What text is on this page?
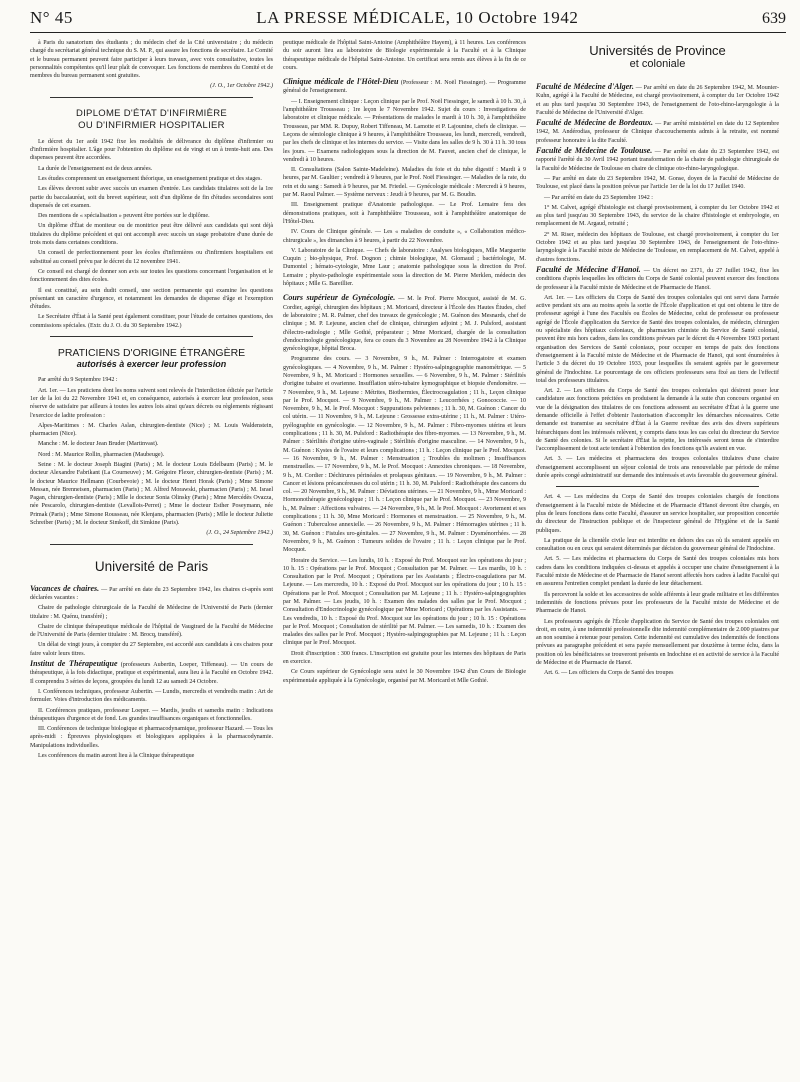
N° 45	LA PRESSE MÉDICALE, 10 Octobre 1942	639

à Paris du sanatorium des étudiants ; du médecin chef de la Cité universitaire ; du médecin chargé du secrétariat général technique du S. M. P., qui assure les fonctions de secrétaire. Le Comité et le bureau permanent peuvent faire participer à leurs travaux, avec voix consultative, toutes les personnalités compétentes qu'il leur plaît de convoquer. Les fonctions de membres du Comité et de membres du bureau permanent sont gratuites.

(J. O., 1er Octobre 1942.)

DIPLOME D'ÉTAT D'INFIRMIÈRE
OU D'INFIRMIER HOSPITALIER

Le décret du 1er août 1942 fixe les modalités de délivrance du diplôme d'infirmier ou d'infirmière hospitalier. L'âge pour l'obtention du diplôme est de vingt et un à trente-huit ans. Des dispenses peuvent être accordées.

La durée de l'enseignement est de deux années.

Les études comprennent un enseignement théorique, un enseignement pratique et des stages.

Les élèves devront subir avec succès un examen d'entrée. Les candidats titulaires soit de la 1re partie du baccalauréat, soit du brevet supérieur, soit d'un diplôme de fin d'études secondaires sont dispensés de cet examen.

Des mentions de « spécialisation » peuvent être portées sur le diplôme.

Un diplôme d'État de moniteur ou de monitrice peut être délivré aux candidats qui sont déjà titulaires du diplôme précédent et qui ont accompli avec succès un stage probatoire d'une durée de trois mois dans certaines conditions.

Un conseil de perfectionnement pour les écoles d'infirmières ou d'infirmiers hospitaliers est substitué au conseil prévu par le décret du 12 novembre 1941.

Ce conseil est chargé de donner son avis sur toutes les questions concernant l'organisation et le fonctionnement des dites écoles.

Il est constitué, au sein dudit conseil, une section permanente qui examine les questions présentant un caractère d'urgence, et notamment les demandes de dispense d'âge et l'exemption d'études.

Le Secrétaire d'État à la Santé peut également constituer, pour l'étude de certaines questions, des commissions spéciales. (Extr. du J. O. du 30 Septembre 1942.)

PRATICIENS D'ORIGINE ÉTRANGÈRE
autorisés à exercer leur profession

Par arrêté du 9 Septembre 1942 :

Art. 1er. — Les praticiens dont les noms suivent sont relevés de l'interdiction édictée par l'article 1er de la loi du 22 Novembre 1941 et, en conséquence, autorisés à exercer leur profession, sous réserve de satisfaire par ailleurs à toutes les autres lois ainsi qu'aux décrets ou règlements régissant l'exercice de ladite profession :

Alpes-Maritimes : M. Charles Aslan, chirurgien-dentiste (Nice) ; M. Louis Waldenstein, pharmacien (Nice).

Manche : M. le docteur Jean Bruder (Martinvast).

Nord : M. Maurice Rollin, pharmacien (Maubeuge).

Seine : M. le docteur Joseph Biagini (Paris) ; M. le docteur Louis Edelbaum (Paris) ; M. le docteur Alexandre Fabrikant (La Courneuve) ; M. Grégoire Flexer, chirurgien-dentiste (Paris) ; M. le docteur Maurice Hellmann (Courbevoie) ; M. le docteur Henri Horak (Paris) ; Mme Simone Messan, née Brenneisen, pharmacien (Paris) ; M. Alfred Morawski, pharmacien (Paris) ; M. Israel Pagan, chirurgien-dentiste (Paris) ; Mlle le docteur Sonia Olinsky (Paris) ; Mme Mercédès Ovazza, née Pescarolo, chirurgien-dentiste (Levallois-Perret) ; Mme le docteur Esther Poseymann, née Primak (Paris) ; Mme Simone Rousseau, née Klenjans, pharmacien (Paris) ; Mlle le docteur Juliette Schreiber (Paris) ; M. le docteur Simkoff, dit Simkine (Paris).

(J. O., 24 Septembre 1942.)

Université de Paris

Vacances de chaires. — Par arrêté en date du 23 Septembre 1942, les chaires ci-après sont déclarées vacantes :

Chaire de pathologie chirurgicale de la Faculté de Médecine de l'Université de Paris (dernier titulaire : M. Quénu, transféré) ;

Chaire de clinique thérapeutique médicale de l'hôpital de Vaugirard de la Faculté de Médecine de l'Université de Paris (dernier titulaire : M. Brocq, transféré).

Un délai de vingt jours, à compter du 27 Septembre, est accordé aux candidats à ces chaires pour faire valoir leurs titres.

Institut de Thérapeutique (professeurs Aubertin, Loeper, Tiffeneau). — Un cours de thérapeutique, à la fois didactique, pratique et expérimental, aura lieu à la Faculté en Octobre 1942. Il comprendra 3 séries de leçons, groupées du lundi 12 au samedi 24 Octobre.

I. Conférences techniques, professeur Aubertin. — Lundis, mercredis et vendredis matin : Art de formuler. Voies d'introduction des médicaments.

II. Conférences pratiques, professeur Loeper. — Mardis, jeudis et samedis matin : Indications thérapeutiques d'urgence et de fond. Les grandes insuffisances organiques et fonctionnelles.

III. Conférences de technique biologique et pharmacodynamique, professeur Hazard. — Tous les après-midi : Épreuves physiologiques et biologiques appliquées à la pharmacodynamie. Manipulations individuelles.

Les conférences du matin auront lieu à la Clinique thérapeutique

peutique médicale de l'hôpital Saint-Antoine (Amphithéâtre Hayem), à 11 heures. Les conférences du soir auront lieu au laboratoire de Biologie expérimentale à la Faculté et à la Clinique thérapeutique médicale de l'hôpital Saint-Antoine. Un certificat sera remis aux élèves à la fin de ce cours.

Clinique médicale de l'Hôtel-Dieu (Professeur : M. Noël Fiessinger). — Programme général de l'enseignement.

— I. Enseignement clinique : Leçon clinique par le Prof. Noël Fiessinger, le samedi à 10 h. 30, à l'amphithéâtre Trousseau ; 1re leçon le 7 Novembre 1942. Sujet du cours : Investigations de laboratoire et clinique médicale. — Présentations de malades le mardi à 10 h. 30, à l'amphithéâtre Trousseau, par MM. R. Dupuy, Robert Tiffeneau, M. Lamotte et P. Lajounine, chefs de clinique. — Leçons de sémiologie clinique à 9 heures, à l'amphithéâtre Trousseau, les lundi, mercredi, vendredi, par les chefs de clinique et les internes du service. — Visite dans les salles de 9 h. 30 à 11 h. 30 tous les jours. — Examens radiologiques sous la direction de M. Fauvet, ancien chef de clinique, le vendredi à 10 heures.

II. Consultations (Salon Sainte-Madeleine). Maladies du foie et du tube digestif : Mardi à 9 heures, par M. Gaultier ; vendredi à 9 heures, par le Prof. Noël Fiessinger. — Maladies de la rate, du rein et du sang : Samedi à 9 heures, par M. Friedel. — Gynécologie médicale : Mercredi à 9 heures, par M. Raoul Palmer. — Système nerveux : Jeudi à 9 heures, par M. G. Boudin.

III. Enseignement pratique d'Anatomie pathologique. — Le Prof. Lemaire fera des démonstrations pratiques, soit à l'amphithéâtre Trousseau, soit à l'amphithéâtre anatomique de l'Hôtel-Dieu.

IV. Cours de Clinique générale. — Les « maladies de conduite », « Collaboration médico-chirurgicale », les dimanches à 9 heures, à partir du 22 Novembre.

V. Laboratoire de la Clinique. — Chefs de laboratoire : Analyses biologiques, Mlle Marguerite Cuquin ; bio-physique, Prof. Dognon ; chimie biologique, M. Glomaud ; bactériologie, M. Dumontel ; hémato-cytologie, Mme Laur ; anatomie pathologique sous la direction du Prof. Lemaire ; physio-pathologie expérimentale sous la direction de M. Pierre Merklen, médecin des hôpitaux ; Mlle G. Bareillier.

Cours supérieur de Gynécologie. — M. le Prof. Pierre Mocquot, assisté de M. G. Cordier, agrégé, chirurgien des hôpitaux ; M. Moricard, directeur à l'École des Hautes Études, chef de laboratoire ; M. R. Palmer, chef des travaux de gynécologie ; M. Guénon des Mesnards, chef de clinique ; M. P. Lejeune, ancien chef de clinique, chirurgien adjoint ; M. J. Pulsford, assistant d'électro-radiologie ; Mlle Gothié, préparateur ; Mme Moricard, chargée de la consultation d'endocrinologie gynécologique, fera ce cours du 3 Novembre au 28 Novembre 1942 à la Clinique gynécologique, hôpital Broca.

Programme des cours. — 3 Novembre, 9 h., M. Palmer : Interrogatoire et examen gynécologiques. — 4 Novembre, 9 h., M. Palmer : Hystéro-salpingographie manométrique. — 5 Novembre, 9 h., M. Moricard : Hormones sexuelles. — 6 Novembre, 9 h., M. Palmer : Stérilités d'origine tubaire et ovarienne. Insufflation utéro-tubaire kymographique et biopsie d'endomètre. — 7 Novembre, 9 h., M. Lejeune : Métrites, Biothermies, Électrocoagulation ; 11 h., Leçon clinique par le Prof. Mocquot. — 9 Novembre, 9 h., M. Palmer : Leucorrhées ; Gonococcie. — 10 Novembre, 9 h., M. le Prof. Mocquot : Suppurations pelviennes ; 11 h. 30, M. Guénon : Cancer du col utérin. — 11 Novembre, 9 h., M. Lejeune : Grossesse extra-utérine ; 11 h., M. Palmer : Utéro-pyélographie en gynécologie. — 12 Novembre, 9 h., M. Palmer : Fibro-myomes utérins et leurs complications ; 11 h. 30, M. Pulsford : Radiothérapie des fibro-myomes. — 13 Novembre, 9 h., M. Palmer : Stérilités d'origine utéro-vaginale ; Stérilités d'origine masculine. — 14 Novembre, 9 h., M. Guénon : Kystes de l'ovaire et leurs complications ; 11 h. : Leçon clinique par le Prof. Mocquot. — 16 Novembre, 9 h., M. Palmer : Menstruation ; Troubles du molimen ; Insuffisances menstruelles. — 17 Novembre, 9 h., M. le Prof. Mocquot : Annexites chroniques. — 18 Novembre, 9 h., M. Cordier : Déchirures périnéales et prolapsus génitaux. — 19 Novembre, 9 h., M. Palmer : Cancer et lésions précancéreuses du col utérin ; 11 h. 30, M. Pulsford : Radiothérapie des cancers du col. — 20 Novembre, 9 h., M. Palmer : Déviations utérines. — 21 Novembre, 9 h., Mme Moricard : Hormonothérapie gynécologique ; 11 h. : Leçon clinique par le Prof. Mocquot. — 23 Novembre, 9 h., M. Palmer : Affections vulvaires. — 24 Novembre, 9 h., M. le Prof. Mocquot : Avortement et ses complications ; 11 h. 30, Mme Moricard : Hormones et menstruation. — 25 Novembre, 9 h., M. Guénon : Tuberculose annexielle. — 26 Novembre, 9 h., M. Palmer : Hémorragies utérines ; 11 h. 30, M. Guénon : Fistules uro-génitales. — 27 Novembre, 9 h., M. Palmer : Dysménorrhées. — 28 Novembre, 9 h., M. Guénon : Tumeurs solides de l'ovaire ; 11 h. : Leçon clinique par le Prof. Mocquot.

Horaire du Service. — Les lundis, 10 h. : Exposé du Prof. Mocquot sur les opérations du jour ; 10 h. 15 : Opérations par le Prof. Mocquot ; Consultation par M. Palmer. — Les mardis, 10 h. : Consultation par le Prof. Mocquot ; Opérations par les Assistants ; Électro-coagulations par M. Lejeune. — Les mercredis, 10 h. : Exposé du Prof. Mocquot sur les opérations du jour ; 10 h. 15 : Opérations par le Prof. Mocquot ; Consultation par M. Lejeune ; 11 h. : Hystéro-salpingographies par M. Palmer. — Les jeudis, 10 h. : Examen des malades des salles par le Prof. Mocquot ; Consultation d'Endocrinologie gynécologique par Mme Moricard ; Opérations par les Assistants. — Les vendredis, 10 h. : Exposé du Prof. Mocquot sur les opérations du jour ; 10 h. 15 : Opérations par le Prof. Mocquot ; Consultation de stérilité par M. Palmer. — Les samedis, 10 h. : Examen des malades des salles par le Prof. Mocquot ; Hystéro-salpingographies par M. Lejeune ; 11 h. : Leçon clinique par le Prof. Mocquot.

Droit d'inscription : 300 francs. L'inscription est gratuite pour les internes des hôpitaux de Paris en exercice.

Ce Cours supérieur de Gynécologie sera suivi le 30 Novembre 1942 d'un Cours de Biologie expérimentale appliquée à la Gynécologie, organisé par M. Moricard et Mlle Gothié.

Universités de Province
et coloniale

Faculté de Médecine d'Alger. — Par arrêté en date du 26 Septembre 1942, M. Mounier-Kuhn, agrégé à la Faculté de Médecine, est chargé provisoirement, à compter du 1er Octobre 1942 et au plus tard jusqu'au 30 Septembre 1943, de l'enseignement de l'oto-rhino-laryngologie à la Faculté de Médecine de l'Université d'Alger.

Faculté de Médecine de Bordeaux. — Par arrêté ministériel en date du 12 Septembre 1942, M. Andérodias, professeur de Clinique d'accouchements admis à la retraite, est nommé professeur honoraire à la dite Faculté.

Faculté de Médecine de Toulouse. — Par arrêté en date du 23 Septembre 1942, est rapporté l'arrêté du 30 Avril 1942 portant transformation de la chaire de pathologie chirurgicale de la Faculté de Médecine de Toulouse en chaire de clinique oto-rhino-laryngologique.

— Par arrêté en date du 23 Septembre 1942, M. Gonse, doyen de la Faculté de Médecine de Toulouse, est placé dans la position prévue par l'article 1er de la loi du 17 Juillet 1940.

— Par arrêté en date du 23 Septembre 1942 :

1° M. Calvet, agrégé d'histologie est chargé provisoirement, à compter du 1er Octobre 1942 et au plus tard jusqu'au 30 Septembre 1943, du service de la chaire d'histologie et embryologie, en remplacement de M. Argaud, retraité ;

2° M. Riser, médecin des hôpitaux de Toulouse, est chargé provisoirement, à compter du 1er Octobre 1942 et au plus tard jusqu'au 30 Septembre 1943, de l'enseignement de l'oto-rhino-laryngologie à la Faculté mixte de Médecine de Toulouse, en remplacement de M. Calvet, appelé à d'autres fonctions.

Faculté de Médecine d'Hanoï. — Un décret no 2371, du 27 Juillet 1942, fixe les conditions d'après lesquelles les officiers du Corps de Santé colonial peuvent exercer des fonctions de professeur à la Faculté mixte de Médecine et de Pharmacie de Hanoï.

Art. 1er. — Les officiers du Corps de Santé des troupes coloniales qui ont servi dans l'armée active pendant six ans au moins après la sortie de l'École d'application et qui ont obtenu le titre de professeur agrégé à l'une des Facultés ou Écoles de Médecine, celui de professeur ou professeur agrégé de l'École d'application du Service de Santé des troupes coloniales, de médecin, chirurgien ou spécialiste des hôpitaux coloniaux, de pharmacien chimiste du Service de Santé colonial, peuvent être mis hors cadres, dans les conditions prévues par le décret du 4 Novembre 1903 portant organisation des Services de Santé coloniaux, pour occuper en temps de paix des fonctions d'enseignement à la Faculté mixte de Médecine et de Pharmacie de Hanoï, qui sont énumérées à l'article 3 du décret du 19 Octobre 1933, pour lesquelles ils seraient agréés par le gouverneur général de l'Indochine. Le pourcentage de ces officiers professeurs sera fixé au tiers de l'effectif total des professeurs titulaires.

Art. 2. — Les officiers du Corps de Santé des troupes coloniales qui désirent poser leur candidature aux fonctions précitées en produisent la demande à la suite d'un concours organisé en vue de la désignation des titulaires de ces fonctions adressent au secrétaire d'État à la guerre une demande officielle à l'effet d'obtenir l'autorisation d'accomplir les démarches nécessaires. Cette demande est transmise au secrétaire d'État à la Guerre revêtue des avis des divers supérieurs hiérarchiques dont les intéressés relèvent, y compris dans tous les cas celui du directeur du Service de Santé des colonies. Si le secrétaire d'État la rejette, les intéressés seront tenus de s'interdire l'accomplissement de tout acte tendant à l'obtention des fonctions qu'ils avaient en vue.

Art. 3. — Les médecins et pharmaciens des troupes coloniales titulaires d'une chaire d'enseignement accomplissent un séjour colonial de trois ans renouvelable par période de même durée après congé administratif sur demande des intéressés et avis favorable du gouverneur général.

Art. 4. — Les médecins du Corps de Santé des troupes coloniales chargés de fonctions d'enseignement à la Faculté mixte de Médecine et de Pharmacie d'Hanoï devront être chargés, en plus de leurs fonctions dans cette Faculté, d'assurer un service hospitalier, sur proposition concertée du directeur de l'Instruction publique et de l'inspecteur général de l'Hygiène et de la Santé publiques.

La pratique de la clientèle civile leur est interdite en dehors des cas où ils seraient appelés en consultation ou en ceux qui seraient déterminés par décision du gouverneur général de l'Indochine.

Art. 5. — Les médecins et pharmaciens du Corps de Santé des troupes coloniales mis hors cadres dans les conditions indiquées ci-dessus et appelés à occuper une chaire d'enseignement à la Faculté mixte de Médecine et de Pharmacie de Hanoï seront affectés hors cadres à ladite Faculté qui en assurera l'entretien complet pendant la durée de leur détachement.

Ils percevront la solde et les accessoires de solde afférents à leur grade militaire et les différentes indemnités de fonctions prévues pour les professeurs de la Faculté mixte de Médecine et de Pharmacie de Hanoï.

Les professeurs agrégés de l'École d'application du Service de Santé des troupes coloniales ont droit, en outre, à une indemnité professionnelle dite indemnité complémentaire de 2.000 piastres par an non soumise à retenue pour pension. Cette indemnité est cumulative des indemnités de fonctions prévues au paragraphe précédent et sera payée mensuellement par douzième à terme échu, dans la position où les bénéficiaires se trouveront présents en Indochine et en activité de service à la Faculté de Médecine et de Pharmacie de Hanoï.

Art. 6. — Les officiers du Corps de Santé des troupes
